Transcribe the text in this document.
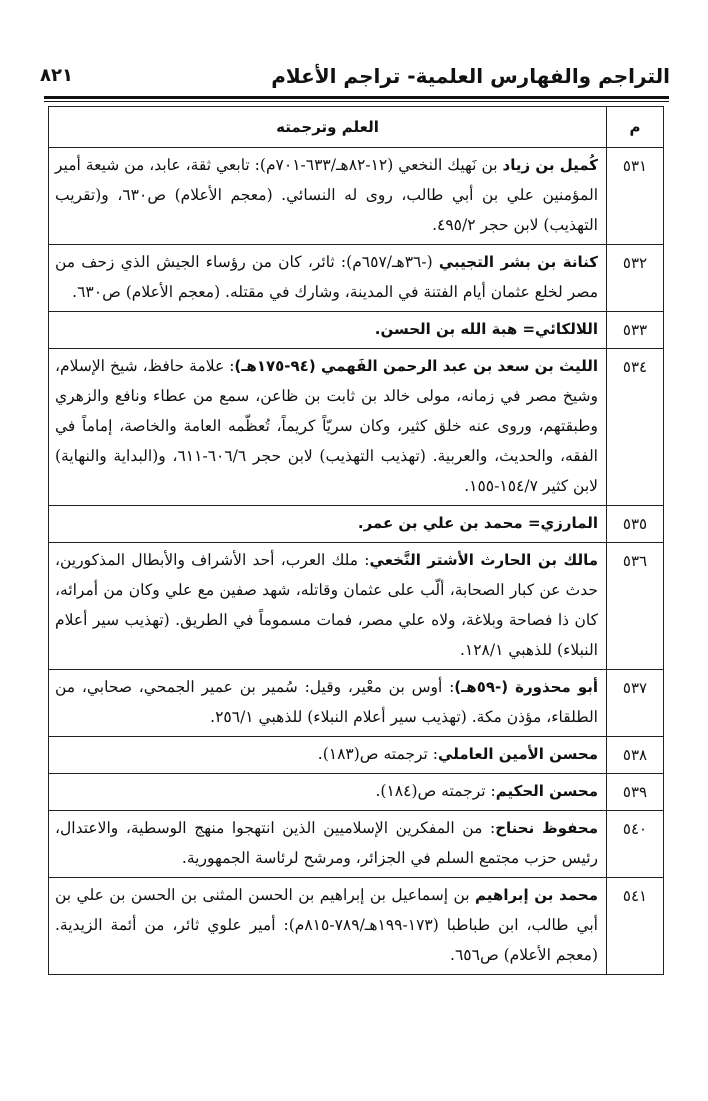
التراجم والفهارس العلمية- تراجم الأعلام
٨٢١
م	العلم وترجمته
٥٣١	كُميل بن زياد بن نَهيك النخعي (١٢-٨٢هـ/٦٣٣-٧٠١م): تابعي ثقة، عابد، من شيعة أمير المؤمنين علي بن أبي طالب، روى له النسائي. (معجم الأعلام) ص٦٣٠، و(تقريب التهذيب) لابن حجر ٤٩٥/٢.
٥٣٢	كنانة بن بشر التجيبي (-٣٦هـ/٦٥٧م): ثائر، كان من رؤساء الجيش الذي زحف من مصر لخلع عثمان أيام الفتنة في المدينة، وشارك في مقتله. (معجم الأعلام) ص٦٣٠.
٥٣٣	اللالكائي= هبة الله بن الحسن.
٥٣٤	الليث بن سعد بن عبد الرحمن الفَهمي (٩٤-١٧٥هـ): علامة حافظ، شيخ الإسلام، وشيخ مصر في زمانه، مولى خالد بن ثابت بن ظاعن، سمع من عطاء ونافع والزهري وطبقتهم، وروى عنه خلق كثير، وكان سريّاً كريماً، تُعظّمه العامة والخاصة، إماماً في الفقه، والحديث، والعربية. (تهذيب التهذيب) لابن حجر ٦٠٦/٦-٦١١، و(البداية والنهاية) لابن كثير ١٥٤/٧-١٥٥.
٥٣٥	المارزي= محمد بن علي بن عمر.
٥٣٦	مالك بن الحارث الأشتر النَّخعي: ملك العرب، أحد الأشراف والأبطال المذكورين، حدث عن كبار الصحابة، ألّب على عثمان وقاتله، شهد صفين مع علي وكان من أمرائه، كان ذا فصاحة وبلاغة، ولاه علي مصر، فمات مسموماً في الطريق. (تهذيب سير أعلام النبلاء) للذهبي ١٢٨/١.
٥٣٧	أبو محذورة (-٥٩هـ): أوس بن معْير، وقيل: سُمير بن عمير الجمحي، صحابي، من الطلقاء، مؤذن مكة. (تهذيب سير أعلام النبلاء) للذهبي ٢٥٦/١.
٥٣٨	محسن الأمين العاملي: ترجمته ص(١٨٣).
٥٣٩	محسن الحكيم: ترجمته ص(١٨٤).
٥٤٠	محفوظ نحناح: من المفكرين الإسلاميين الذين انتهجوا منهج الوسطية، والاعتدال، رئيس حزب مجتمع السلم في الجزائر، ومرشح لرئاسة الجمهورية.
٥٤١	محمد بن إبراهيم بن إسماعيل بن إبراهيم بن الحسن المثنى بن الحسن بن علي بن أبي طالب، ابن طباطبا (١٧٣-١٩٩هـ/٧٨٩-٨١٥م): أمير علوي ثائر، من أئمة الزيدية. (معجم الأعلام) ص٦٥٦.
